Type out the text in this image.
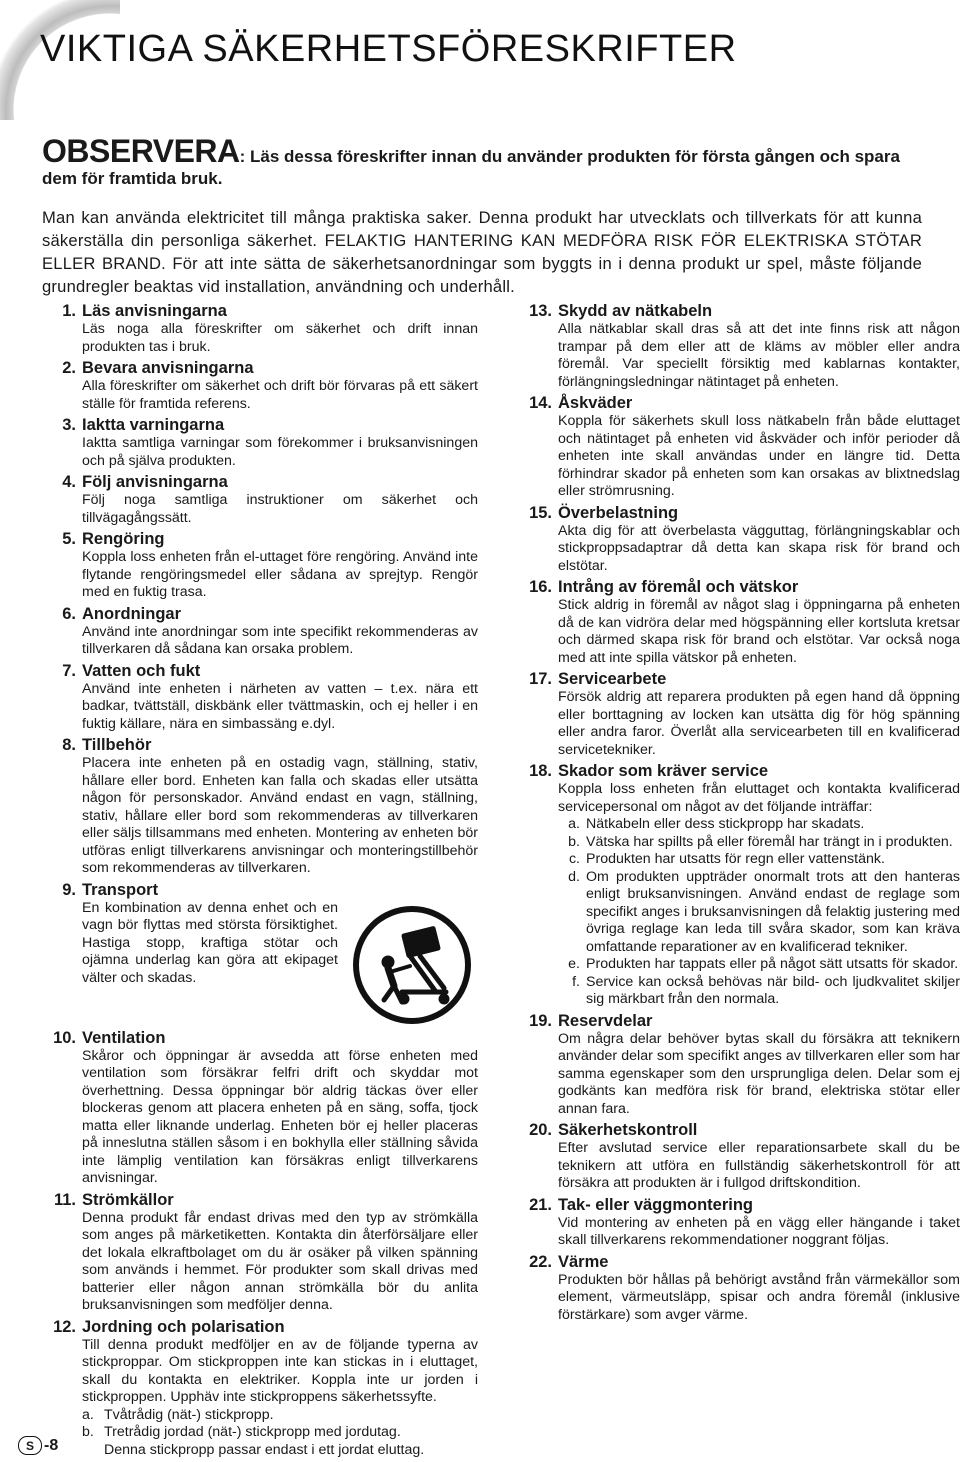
VIKTIGA SÄKERHETSFÖRESKRIFTER

OBSERVERA: Läs dessa föreskrifter innan du använder produkten för första gången och spara dem för framtida bruk.

Man kan använda elektricitet till många praktiska saker. Denna produkt har utvecklats och tillverkats för att kunna säkerställa din personliga säkerhet. FELAKTIG HANTERING KAN MEDFÖRA RISK FÖR ELEKTRISKA STÖTAR ELLER BRAND. För att inte sätta de säkerhetsanordningar som byggts in i denna produkt ur spel, måste följande grundregler beaktas vid installation, användning och underhåll.

1. Läs anvisningarna
Läs noga alla föreskrifter om säkerhet och drift innan produkten tas i bruk.
2. Bevara anvisningarna
Alla föreskrifter om säkerhet och drift bör förvaras på ett säkert ställe för framtida referens.
3. Iaktta varningarna
Iaktta samtliga varningar som förekommer i bruksanvisningen och på själva produkten.
4. Följ anvisningarna
Följ noga samtliga instruktioner om säkerhet och tillvägagångssätt.
5. Rengöring
Koppla loss enheten från el-uttaget före rengöring. Använd inte flytande rengöringsmedel eller sådana av sprejtyp. Rengör med en fuktig trasa.
6. Anordningar
Använd inte anordningar som inte specifikt rekommenderas av tillverkaren då sådana kan orsaka problem.
7. Vatten och fukt
Använd inte enheten i närheten av vatten – t.ex. nära ett badkar, tvättställ, diskbänk eller tvättmaskin, och ej heller i en fuktig källare, nära en simbassäng e.dyl.
8. Tillbehör
Placera inte enheten på en ostadig vagn, ställning, stativ, hållare eller bord. Enheten kan falla och skadas eller utsätta någon för personskador. Använd endast en vagn, ställning, stativ, hållare eller bord som rekommenderas av tillverkaren eller säljs tillsammans med enheten. Montering av enheten bör utföras enligt tillverkarens anvisningar och monteringstillbehör som rekommenderas av tillverkaren.
9. Transport
En kombination av denna enhet och en vagn bör flyttas med största försiktighet. Hastiga stopp, kraftiga stötar och ojämna underlag kan göra att ekipaget välter och skadas.
10. Ventilation
Skåror och öppningar är avsedda att förse enheten med ventilation som försäkrar felfri drift och skyddar mot överhettning. Dessa öppningar bör aldrig täckas över eller blockeras genom att placera enheten på en säng, soffa, tjock matta eller liknande underlag. Enheten bör ej heller placeras på inneslutna ställen såsom i en bokhylla eller ställning såvida inte lämplig ventilation kan försäkras enligt tillverkarens anvisningar.
11. Strömkällor
Denna produkt får endast drivas med den typ av strömkälla som anges på märketiketten. Kontakta din återförsäljare eller det lokala elkraftbolaget om du är osäker på vilken spänning som används i hemmet. För produkter som skall drivas med batterier eller någon annan strömkälla bör du anlita bruksanvisningen som medföljer denna.
12. Jordning och polarisation
Till denna produkt medföljer en av de följande typerna av stickproppar. Om stickproppen inte kan stickas in i eluttaget, skall du kontakta en elektriker. Koppla inte ur jorden i stickproppen. Upphäv inte stickproppens säkerhetssyfte.
a. Tvåtrådig (nät-) stickpropp.
b. Tretrådig jordad (nät-) stickpropp med jordutag.
Denna stickpropp passar endast i ett jordat eluttag.
13. Skydd av nätkabeln
Alla nätkablar skall dras så att det inte finns risk att någon trampar på dem eller att de kläms av möbler eller andra föremål. Var speciellt försiktig med kablarnas kontakter, förlängningsledningar nätintaget på enheten.
14. Åskväder
Koppla för säkerhets skull loss nätkabeln från både eluttaget och nätintaget på enheten vid åskväder och inför perioder då enheten inte skall användas under en längre tid. Detta förhindrar skador på enheten som kan orsakas av blixtnedslag eller strömrusning.
15. Överbelastning
Akta dig för att överbelasta vägguttag, förlängningskablar och stickproppsadaptrar då detta kan skapa risk för brand och elstötar.
16. Intrång av föremål och vätskor
Stick aldrig in föremål av något slag i öppningarna på enheten då de kan vidröra delar med högspänning eller kortsluta kretsar och därmed skapa risk för brand och elstötar. Var också noga med att inte spilla vätskor på enheten.
17. Servicearbete
Försök aldrig att reparera produkten på egen hand då öppning eller borttagning av locken kan utsätta dig för hög spänning eller andra faror. Överlåt alla servicearbeten till en kvalificerad servicetekniker.
18. Skador som kräver service
Koppla loss enheten från eluttaget och kontakta kvalificerad servicepersonal om något av det följande inträffar:
a. Nätkabeln eller dess stickpropp har skadats.
b. Vätska har spillts på eller föremål har trängt in i produkten.
c. Produkten har utsatts för regn eller vattenstänk.
d. Om produkten uppträder onormalt trots att den hanteras enligt bruksanvisningen. Använd endast de reglage som specifikt anges i bruksanvisningen då felaktig justering med övriga reglage kan leda till svåra skador, som kan kräva omfattande reparationer av en kvalificerad tekniker.
e. Produkten har tappats eller på något sätt utsatts för skador.
f. Service kan också behövas när bild- och ljudkvalitet skiljer sig märkbart från den normala.
19. Reservdelar
Om några delar behöver bytas skall du försäkra att teknikern använder delar som specifikt anges av tillverkaren eller som har samma egenskaper som den ursprungliga delen. Delar som ej godkänts kan medföra risk för brand, elektriska stötar eller annan fara.
20. Säkerhetskontroll
Efter avslutad service eller reparationsarbete skall du be teknikern att utföra en fullständig säkerhetskontroll för att försäkra att produkten är i fullgod driftskondition.
21. Tak- eller väggmontering
Vid montering av enheten på en vägg eller hängande i taket skall tillverkarens rekommendationer noggrant följas.
22. Värme
Produkten bör hållas på behörigt avstånd från värmekällor som element, värmeutsläpp, spisar och andra föremål (inklusive förstärkare) som avger värme.
S -8
